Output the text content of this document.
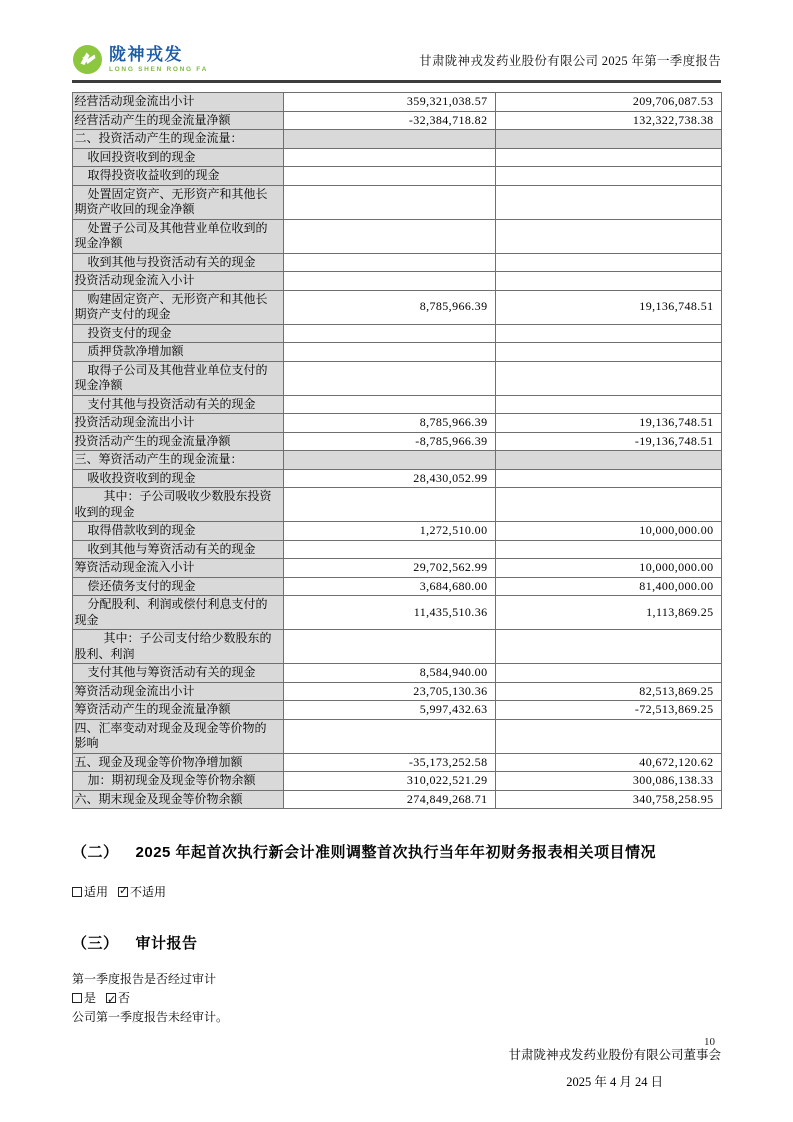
陇神戎发
LONG SHEN RONG FA
甘肃陇神戎发药业股份有限公司 2025 年第一季度报告
经营活动现金流出小计	359,321,038.57	209,706,087.53
经营活动产生的现金流量净额	-32,384,718.82	132,322,738.38
二、投资活动产生的现金流量：		
收回投资收到的现金		
取得投资收益收到的现金		
处置固定资产、无形资产和其他长期资产收回的现金净额		
处置子公司及其他营业单位收到的现金净额		
收到其他与投资活动有关的现金		
投资活动现金流入小计		
购建固定资产、无形资产和其他长期资产支付的现金	8,785,966.39	19,136,748.51
投资支付的现金		
质押贷款净增加额		
取得子公司及其他营业单位支付的现金净额		
支付其他与投资活动有关的现金		
投资活动现金流出小计	8,785,966.39	19,136,748.51
投资活动产生的现金流量净额	-8,785,966.39	-19,136,748.51
三、筹资活动产生的现金流量：		
吸收投资收到的现金	28,430,052.99	
其中：子公司吸收少数股东投资收到的现金		
取得借款收到的现金	1,272,510.00	10,000,000.00
收到其他与筹资活动有关的现金		
筹资活动现金流入小计	29,702,562.99	10,000,000.00
偿还债务支付的现金	3,684,680.00	81,400,000.00
分配股利、利润或偿付利息支付的现金	11,435,510.36	1,113,869.25
其中：子公司支付给少数股东的股利、利润		
支付其他与筹资活动有关的现金	8,584,940.00	
筹资活动现金流出小计	23,705,130.36	82,513,869.25
筹资活动产生的现金流量净额	5,997,432.63	-72,513,869.25
四、汇率变动对现金及现金等价物的影响		
五、现金及现金等价物净增加额	-35,173,252.58	40,672,120.62
加：期初现金及现金等价物余额	310,022,521.29	300,086,138.33
六、期末现金及现金等价物余额	274,849,268.71	340,758,258.95
（二） 2025 年起首次执行新会计准则调整首次执行当年年初财务报表相关项目情况
适用 ✓ 不适用
（三） 审计报告
第一季度报告是否经过审计
是 ✓ 否
公司第一季度报告未经审计。
甘肃陇神戎发药业股份有限公司董事会
2025 年 4 月 24 日
10
